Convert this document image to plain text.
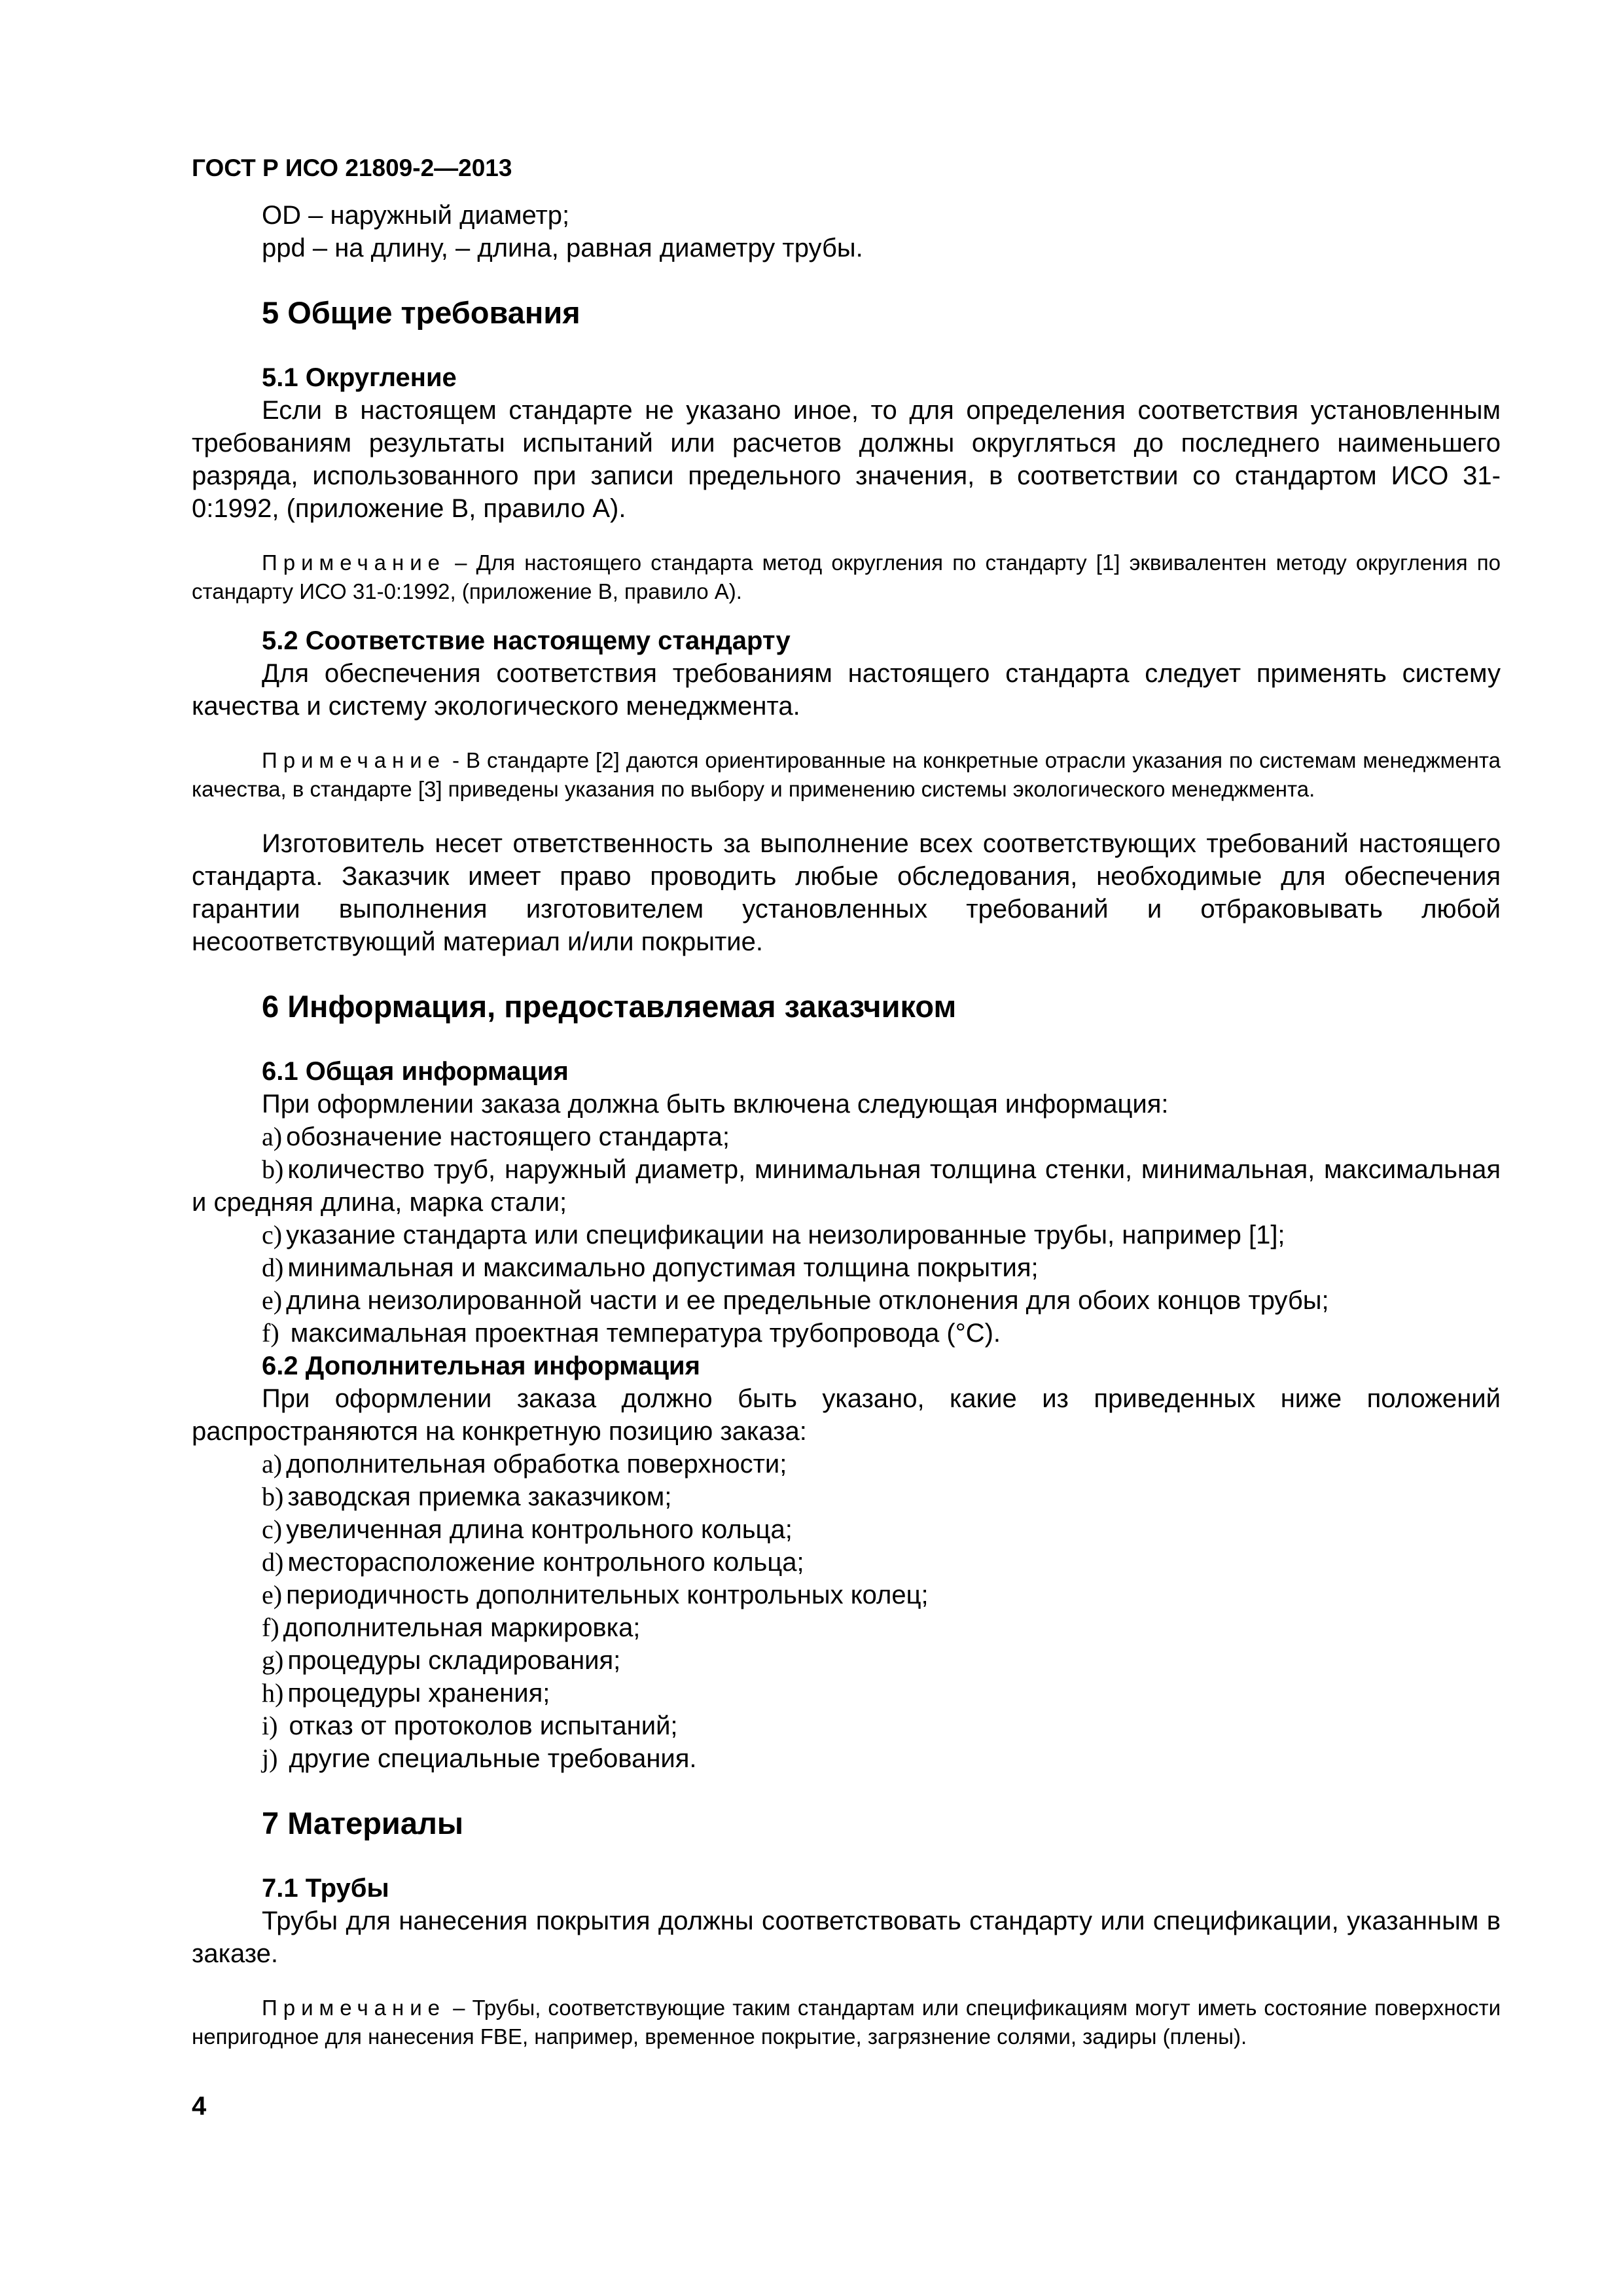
ГОСТ Р ИСО 21809-2—2013

OD – наружный диаметр;

ppd – на длину, – длина, равная диаметру трубы.

5 Общие требования
5.1 Округление

Если в настоящем стандарте не указано иное, то для определения соответствия установленным требованиям результаты испытаний или расчетов должны округляться до последнего наименьшего разряда, использованного при записи предельного значения, в соответствии со стандартом ИСО 31-0:1992, (приложение В, правило А).

Примечание – Для настоящего стандарта метод округления по стандарту [1] эквивалентен методу округления по стандарту ИСО 31-0:1992, (приложение В, правило А).

5.2 Соответствие настоящему стандарту

Для обеспечения соответствия требованиям настоящего стандарта следует применять систему качества и систему экологического менеджмента.

Примечание - В стандарте [2] даются ориентированные на конкретные отрасли указания по системам менеджмента качества, в стандарте [3] приведены указания по выбору и применению системы экологического менеджмента.

Изготовитель несет ответственность за выполнение всех соответствующих требований настоящего стандарта. Заказчик имеет право проводить любые обследования, необходимые для обеспечения гарантии выполнения изготовителем установленных требований и отбраковывать любой несоответствующий материал и/или покрытие.

6 Информация, предоставляемая заказчиком
6.1 Общая информация

При оформлении заказа должна быть включена следующая информация:

a) обозначение настоящего стандарта;

b) количество труб, наружный диаметр, минимальная толщина стенки, минимальная, максимальная и средняя длина, марка стали;

c) указание стандарта или спецификации на неизолированные трубы, например [1];

d) минимальная и максимально допустимая толщина покрытия;

e) длина неизолированной части и ее предельные отклонения для обоих концов трубы;

f) максимальная проектная температура трубопровода (°С).

6.2 Дополнительная информация

При оформлении заказа должно быть указано, какие из приведенных ниже положений распространяются на конкретную позицию заказа:

a) дополнительная обработка поверхности;

b) заводская приемка заказчиком;

c) увеличенная длина контрольного кольца;

d) месторасположение контрольного кольца;

e) периодичность дополнительных контрольных колец;

f) дополнительная маркировка;

g) процедуры складирования;

h) процедуры хранения;

i) отказ от протоколов испытаний;

j) другие специальные требования.

7 Материалы
7.1 Трубы

Трубы для нанесения покрытия должны соответствовать стандарту или спецификации, указанным в заказе.

Примечание – Трубы, соответствующие таким стандартам или спецификациям могут иметь состояние поверхности непригодное для нанесения FBE, например, временное покрытие, загрязнение солями, задиры (плены).

4
